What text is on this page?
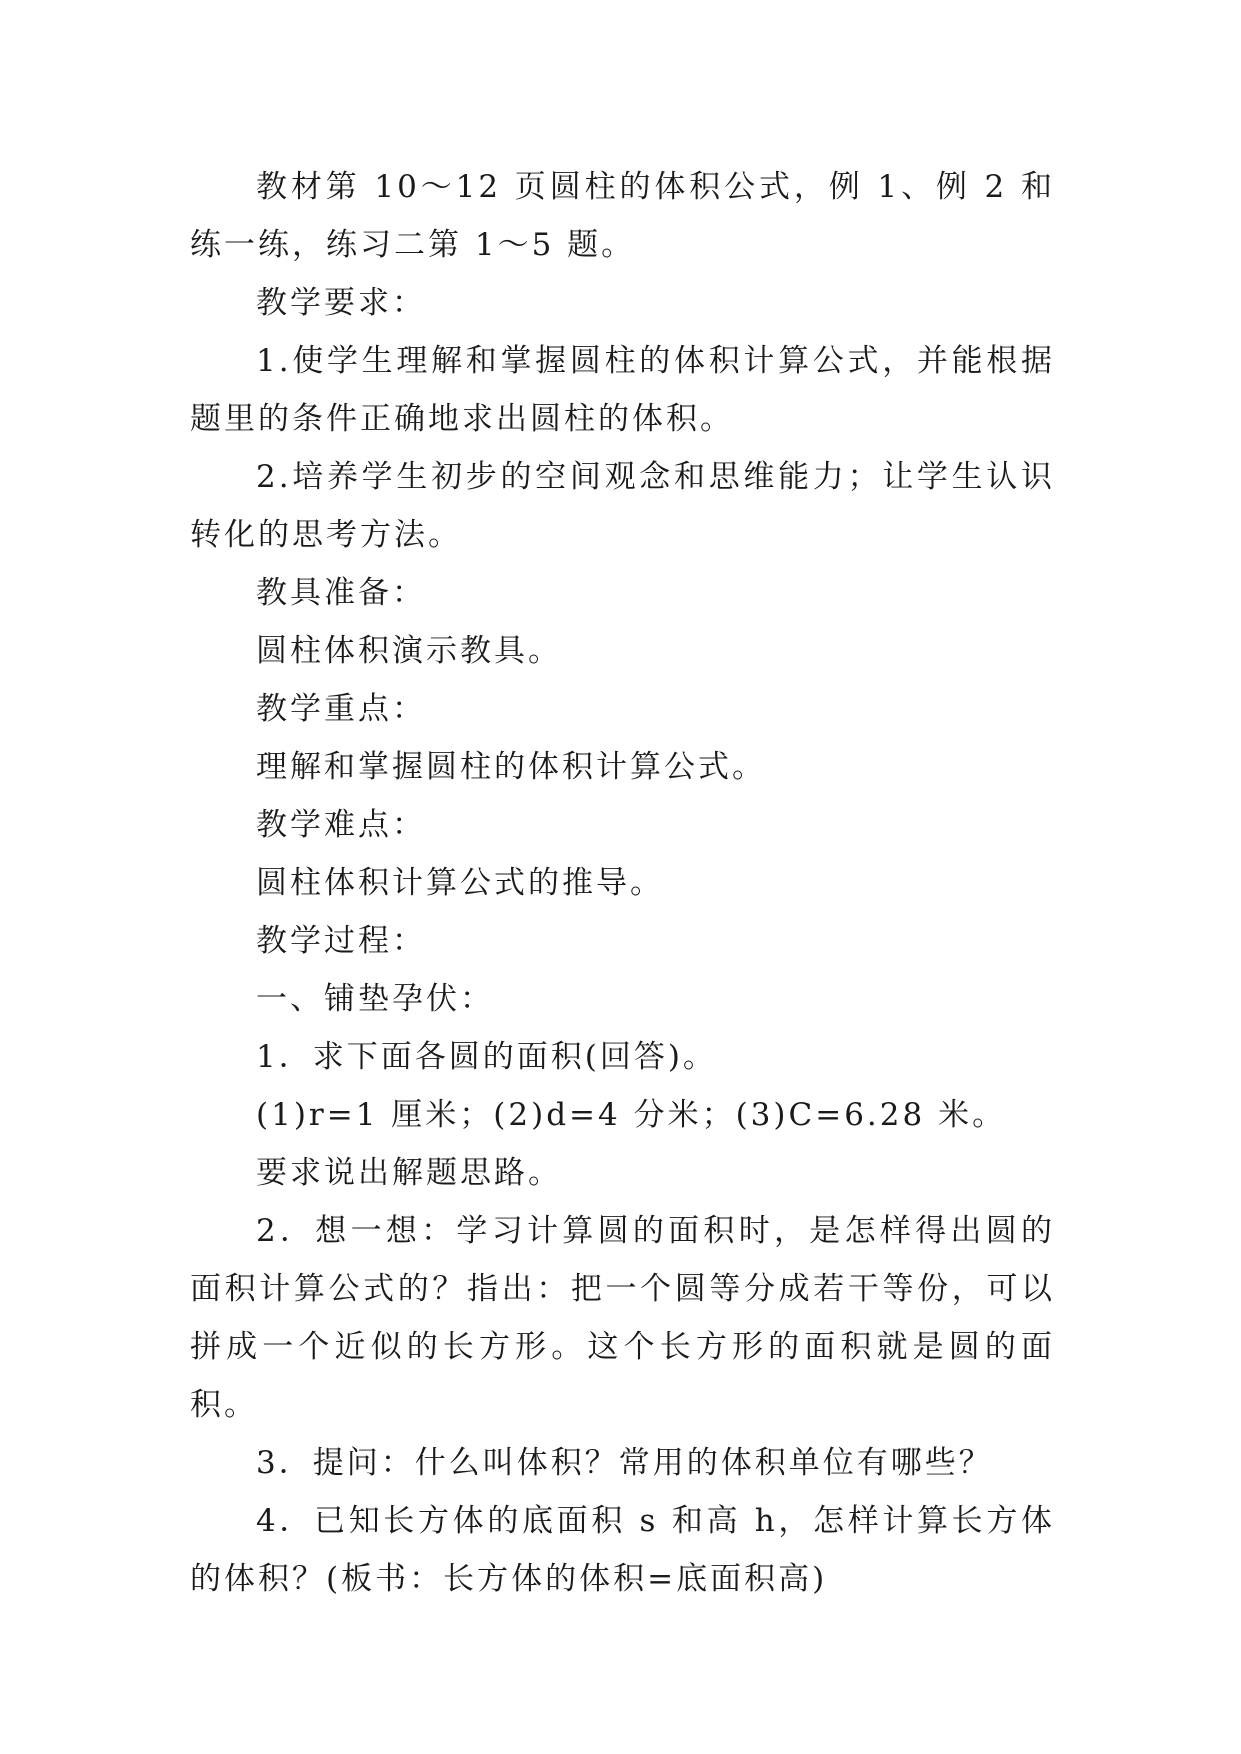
教材第 10～12 页圆柱的体积公式，例 1、例 2 和练一练，练习二第 1～5 题。

教学要求：

1.使学生理解和掌握圆柱的体积计算公式，并能根据题里的条件正确地求出圆柱的体积。

2.培养学生初步的空间观念和思维能力；让学生认识转化的思考方法。

教具准备：

圆柱体积演示教具。

教学重点：

理解和掌握圆柱的体积计算公式。

教学难点：

圆柱体积计算公式的推导。

教学过程：

一、铺垫孕伏：

1．求下面各圆的面积(回答)。

(1)r=1 厘米；(2)d=4 分米；(3)C=6.28 米。

要求说出解题思路。

2．想一想：学习计算圆的面积时，是怎样得出圆的面积计算公式的？指出：把一个圆等分成若干等份，可以拼成一个近似的长方形。这个长方形的面积就是圆的面积。

3．提问：什么叫体积？常用的体积单位有哪些？

4．已知长方体的底面积 s 和高 h，怎样计算长方体的体积？(板书：长方体的体积=底面积高)
